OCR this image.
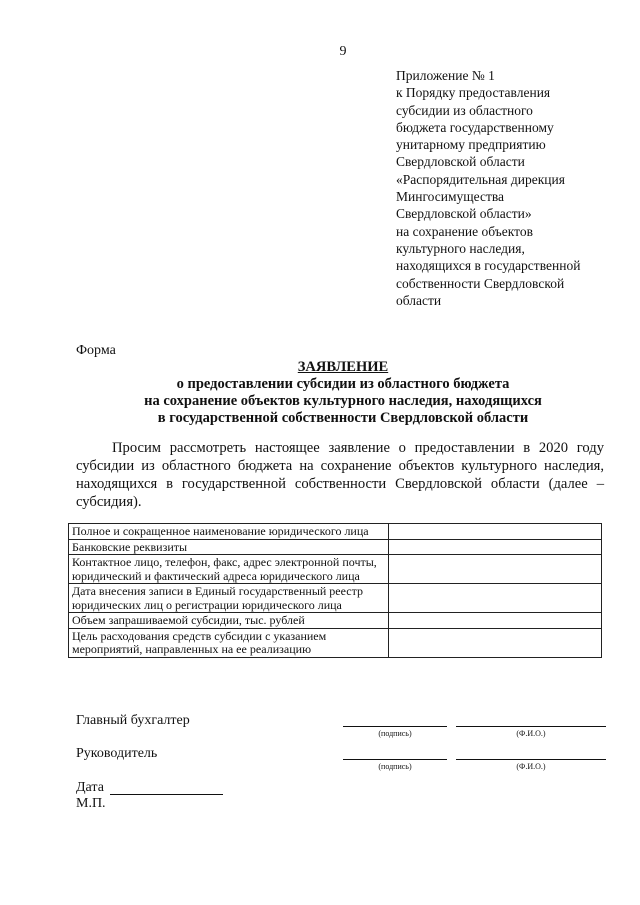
9
Приложение № 1
к Порядку предоставления
субсидии из областного
бюджета государственному
унитарному предприятию
Свердловской области
«Распорядительная дирекция
Мингосимущества
Свердловской области»
на сохранение объектов
культурного наследия,
находящихся в государственной
собственности Свердловской
области
Форма
ЗАЯВЛЕНИЕ
о предоставлении субсидии из областного бюджета
на сохранение объектов культурного наследия, находящихся
в государственной собственности Свердловской области
Просим рассмотреть настоящее заявление о предоставлении в 2020 году
субсидии из областного бюджета на сохранение объектов культурного наследия, находящихся в государственной собственности Свердловской области (далее – субсидия).
Полное и сокращенное наименование юридического лица	
Банковские реквизиты	
Контактное лицо, телефон, факс, адрес электронной почты, юридический и фактический адреса юридического лица	
Дата внесения записи в Единый государственный реестр юридических лиц о регистрации юридического лица	
Объем запрашиваемой субсидии, тыс. рублей	
Цель расходования средств субсидии с указанием мероприятий, направленных на ее реализацию	
Главный бухгалтер
(подпись)	(Ф.И.О.)
Руководитель
(подпись)	(Ф.И.О.)
Дата
М.П.
